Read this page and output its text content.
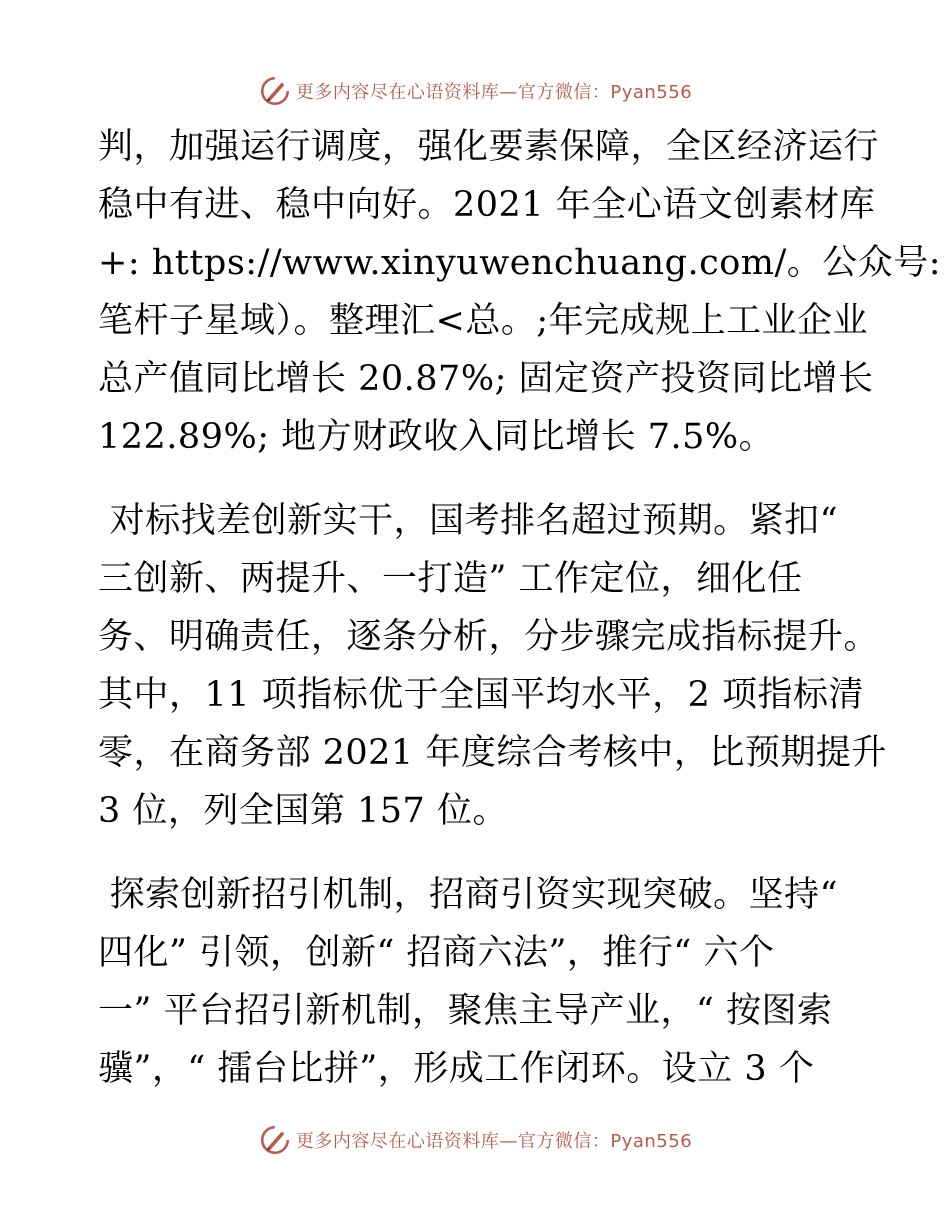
更多内容尽在心语资料库—官方微信：Pyan556

判，加强运行调度，强化要素保障，全区经济运行
稳中有进、稳中向好。2021 年全心语文创素材库
+: https://www.xinyuwenchuang.com/。公众号:
笔杆子星域）。整理汇<总。;年完成规上工业企业
总产值同比增长 20.87%; 固定资产投资同比增长
122.89%; 地方财政收入同比增长 7.5%。

对标找差创新实干，国考排名超过预期。紧扣“
三创新、两提升、一打造” 工作定位，细化任
务、明确责任，逐条分析，分步骤完成指标提升。
其中，11 项指标优于全国平均水平，2 项指标清
零，在商务部 2021 年度综合考核中，比预期提升
3 位，列全国第 157 位。

探索创新招引机制，招商引资实现突破。坚持“
四化” 引领，创新“ 招商六法”，推行“ 六个
一” 平台招引新机制，聚焦主导产业，“ 按图索
骥”，“ 擂台比拼”，形成工作闭环。设立 3 个

更多内容尽在心语资料库—官方微信：Pyan556
